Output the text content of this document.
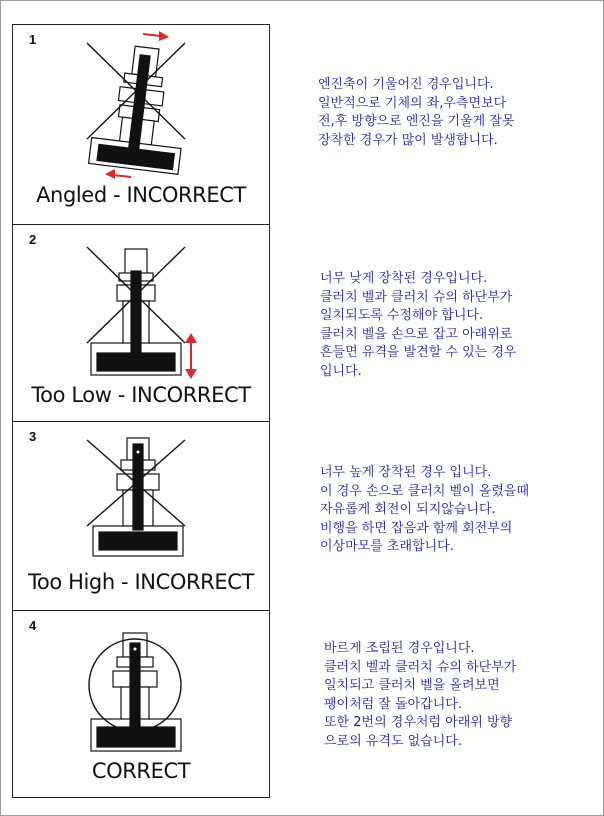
1
Angled - INCORRECT
2
Too Low - INCORRECT
3
Too High - INCORRECT
4
CORRECT
엔진축이 기울어진 경우입니다.
일반적으로 기체의 좌,우측면보다
전,후 방향으로 엔진을 기울게 잘못
장착한 경우가 많이 발생합니다.
너무 낮게 장착된 경우입니다.
클러치 벨과 클러치 슈의 하단부가
일치되도록 수정해야 합니다.
클러치 벨을 손으로 잡고 아래위로
흔들면 유격을 발견할 수 있는 경우
입니다.
너무 높게 장착된 경우 입니다.
이 경우 손으로 클러치 벨이 올렸을때
자유롭게 회전이 되지않습니다.
비행을 하면 잡음과 함께 회전부의
이상마모를 초래합니다.
바르게 조립된 경우입니다.
클러치 벨과 클러치 슈의 하단부가
일치되고 클러치 벨을 올려보면
팽이처럼 잘 돌아갑니다.
또한 2번의 경우처럼 아래위 방향
으로의 유격도 없습니다.
